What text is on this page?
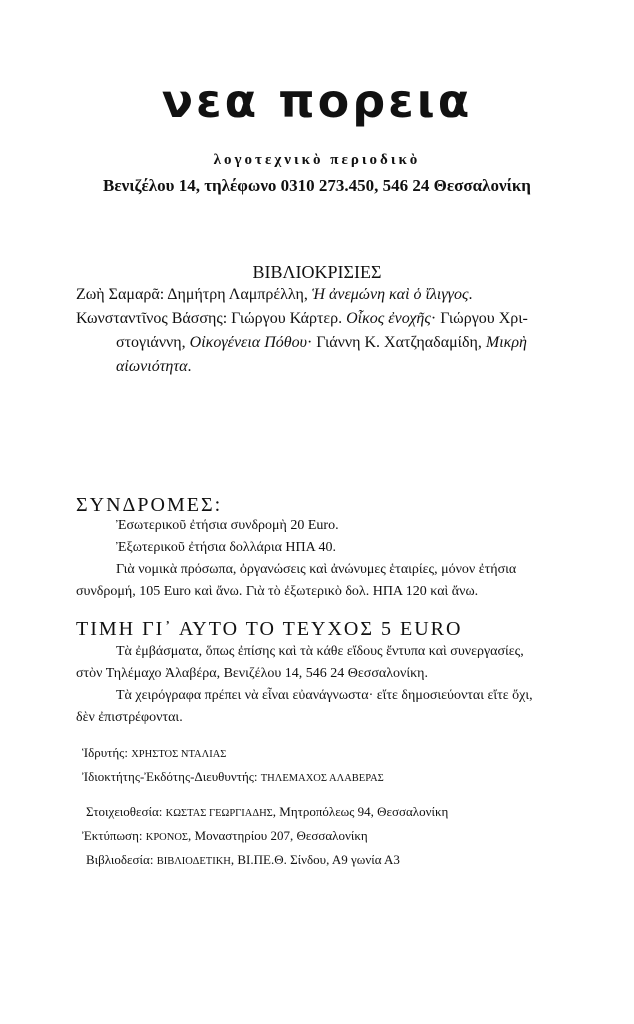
νεα πορεια
λογοτεχνικὸ περιοδικὸ
Βενιζέλου 14, τηλέφωνο 0310 273.450, 546 24 Θεσσαλονίκη
ΒΙΒΛΙΟΚΡΙΣΙΕΣ
Ζωὴ Σαμαρᾶ: Δημήτρη Λαμπρέλλη, Ἡ ἀνεμώνη καὶ ὁ ἴλιγγος.
Κωνσταντῖνος Βάσσης: Γιώργου Κάρτερ. Οἶκος ἐνοχῆς· Γιώργου Χρι-
στογιάννη, Οἰκογένεια Πόθου· Γιάννη Κ. Χατζηαδαμίδη, Μικρὴ
αἰωνιότητα.
ΣΥΝΔΡΟΜΕΣ:
Ἐσωτερικοῦ ἐτήσια συνδρομὴ 20 Euro.
Ἐξωτερικοῦ ἐτήσια δολλάρια ΗΠΑ 40.
Γιὰ νομικὰ πρόσωπα, ὀργανώσεις καὶ ἀνώνυμες ἑταιρίες, μόνον ἐτήσια
συνδρομή, 105 Euro καὶ ἄνω. Γιὰ τὸ ἐξωτερικὸ δολ. ΗΠΑ 120 καὶ ἄνω.
ΤΙΜΗ ΓΙ᾽ ΑΥΤΟ ΤΟ ΤΕΥΧΟΣ 5 EURO
Τὰ ἐμβάσματα, ὅπως ἐπίσης καὶ τὰ κάθε εἴδους ἔντυπα καὶ συνεργασίες,
στὸν Τηλέμαχο Ἀλαβέρα, Βενιζέλου 14, 546 24 Θεσσαλονίκη.
Τὰ χειρόγραφα πρέπει νὰ εἶναι εὐανάγνωστα· εἴτε δημοσιεύονται εἴτε ὄχι,
δὲν ἐπιστρέφονται.
Ἱδρυτής: ΧΡΗΣΤΟΣ ΝΤΑΛΙΑΣ
Ἰδιοκτήτης-Ἐκδότης-Διευθυντής: ΤΗΛΕΜΑΧΟΣ ΑΛΑΒΕΡΑΣ
Στοιχειοθεσία: ΚΩΣΤΑΣ ΓΕΩΡΓΙΑΔΗΣ, Μητροπόλεως 94, Θεσσαλονίκη
Ἐκτύπωση: ΚΡΟΝΟΣ, Μοναστηρίου 207, Θεσσαλονίκη
Βιβλιοδεσία: ΒΙΒΛΙΟΔΕΤΙΚΗ, ΒΙ.ΠΕ.Θ. Σίνδου, Α9 γωνία Α3
